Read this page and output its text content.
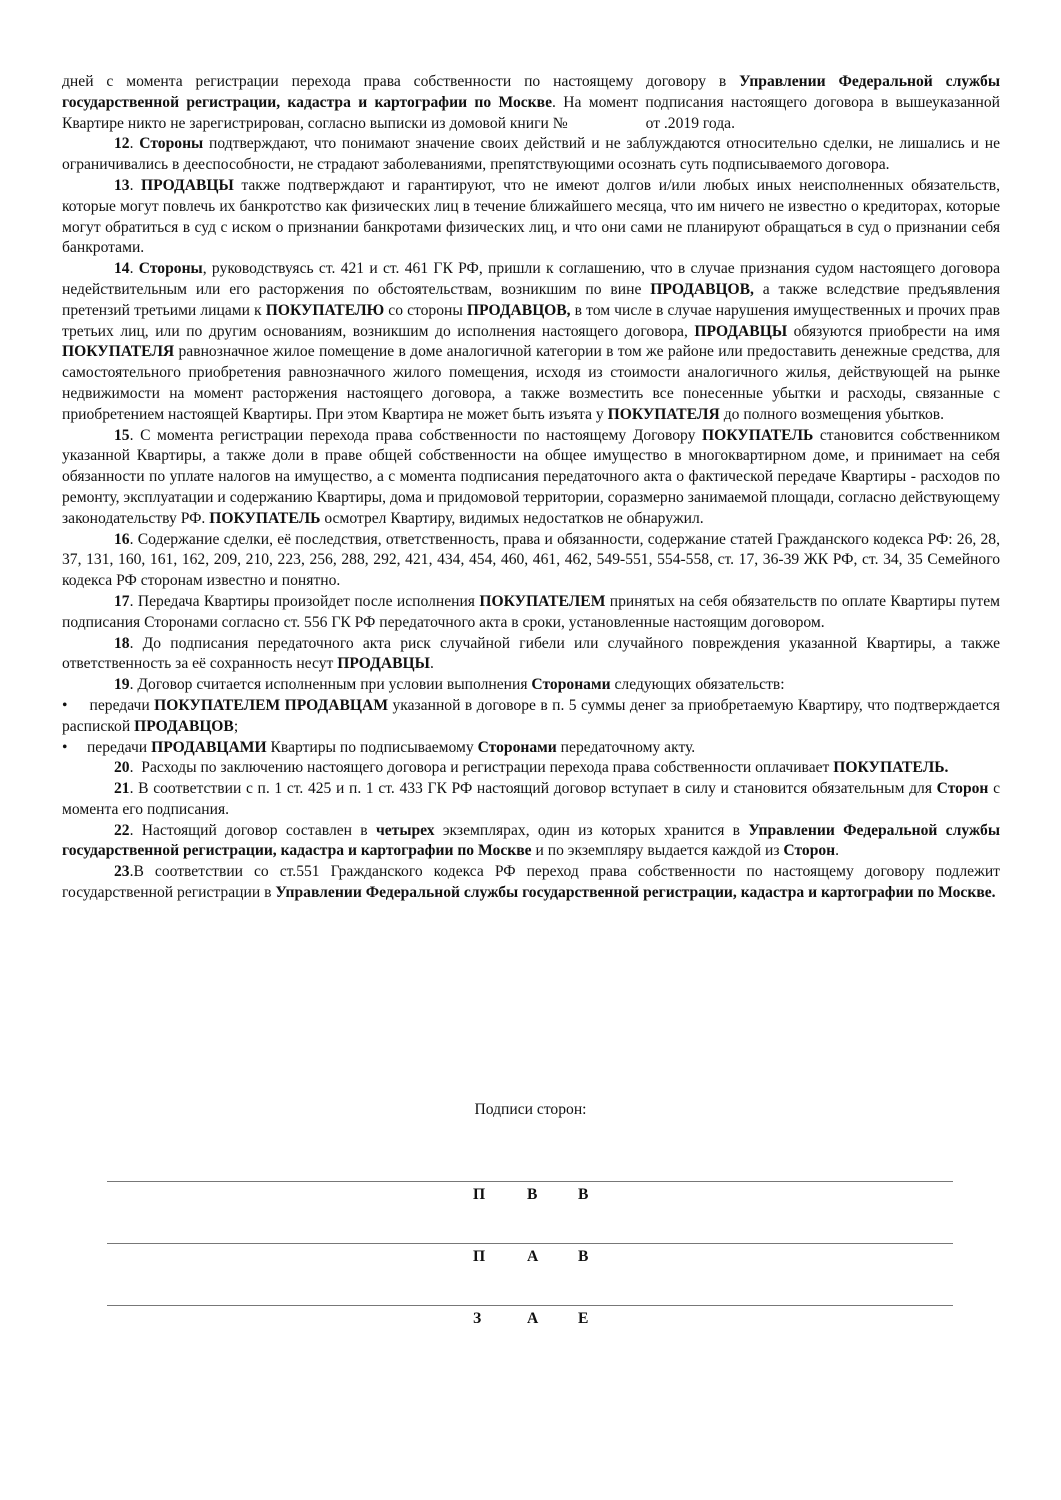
дней с момента регистрации перехода права собственности по настоящему договору в Управлении Федеральной службы государственной регистрации, кадастра и картографии по Москве. На момент подписания настоящего договора в вышеуказанной Квартире никто не зарегистрирован, согласно выписки из домовой книги №                    от .2019 года.

12. Стороны подтверждают, что понимают значение своих действий и не заблуждаются относительно сделки, не лишались и не ограничивались в дееспособности, не страдают заболеваниями, препятствующими осознать суть подписываемого договора.

13. ПРОДАВЦЫ также подтверждают и гарантируют, что не имеют долгов и/или любых иных неисполненных обязательств, которые могут повлечь их банкротство как физических лиц в течение ближайшего месяца, что им ничего не известно о кредиторах, которые могут обратиться в суд с иском о признании банкротами физических лиц, и что они сами не планируют обращаться в суд о признании себя банкротами.

14. Стороны, руководствуясь ст. 421 и ст. 461 ГК РФ, пришли к соглашению, что в случае признания судом настоящего договора недействительным или его расторжения по обстоятельствам, возникшим по вине ПРОДАВЦОВ, а также вследствие предъявления претензий третьими лицами к ПОКУПАТЕЛЮ со стороны ПРОДАВЦОВ, в том числе в случае нарушения имущественных и прочих прав третьих лиц, или по другим основаниям, возникшим до исполнения настоящего договора, ПРОДАВЦЫ обязуются приобрести на имя ПОКУПАТЕЛЯ равнозначное жилое помещение в доме аналогичной категории в том же районе или предоставить денежные средства, для самостоятельного приобретения равнозначного жилого помещения, исходя из стоимости аналогичного жилья, действующей на рынке недвижимости на момент расторжения настоящего договора, а также возместить все понесенные убытки и расходы, связанные с приобретением настоящей Квартиры. При этом Квартира не может быть изъята у ПОКУПАТЕЛЯ до полного возмещения убытков.

15. С момента регистрации перехода права собственности по настоящему Договору ПОКУПАТЕЛЬ становится собственником указанной Квартиры, а также доли в праве общей собственности на общее имущество в многоквартирном доме, и принимает на себя обязанности по уплате налогов на имущество, а с момента подписания передаточного акта о фактической передаче Квартиры - расходов по ремонту, эксплуатации и содержанию Квартиры, дома и придомовой территории, соразмерно занимаемой площади, согласно действующему законодательству РФ. ПОКУПАТЕЛЬ осмотрел Квартиру, видимых недостатков не обнаружил.

16. Содержание сделки, её последствия, ответственность, права и обязанности, содержание статей Гражданского кодекса РФ: 26, 28, 37, 131, 160, 161, 162, 209, 210, 223, 256, 288, 292, 421, 434, 454, 460, 461, 462, 549-551, 554-558, ст. 17, 36-39 ЖК РФ, ст. 34, 35 Семейного кодекса РФ сторонам известно и понятно.

17. Передача Квартиры произойдет после исполнения ПОКУПАТЕЛЕМ принятых на себя обязательств по оплате Квартиры путем подписания Сторонами согласно ст. 556 ГК РФ передаточного акта в сроки, установленные настоящим договором.

18. До подписания передаточного акта риск случайной гибели или случайного повреждения указанной Квартиры, а также ответственность за её сохранность несут ПРОДАВЦЫ.

19. Договор считается исполненным при условии выполнения Сторонами следующих обязательств:

•     передачи ПОКУПАТЕЛЕМ ПРОДАВЦАМ указанной в договоре в п. 5 суммы денег за приобретаемую Квартиру, что подтверждается распиской ПРОДАВЦОВ;

•     передачи ПРОДАВЦАМИ Квартиры по подписываемому Сторонами передаточному акту.

20.  Расходы по заключению настоящего договора и регистрации перехода права собственности оплачивает ПОКУПАТЕЛЬ.

21. В соответствии с п. 1 ст. 425 и п. 1 ст. 433 ГК РФ настоящий договор вступает в силу и становится обязательным для Сторон с момента его подписания.

22. Настоящий договор составлен в четырех экземплярах, один из которых хранится в Управлении Федеральной службы государственной регистрации, кадастра и картографии по Москве и по экземпляру выдается каждой из Сторон.

23.В соответствии со ст.551 Гражданского кодекса РФ переход права собственности по настоящему договору подлежит государственной регистрации в Управлении Федеральной службы государственной регистрации, кадастра и картографии по Москве.

Подписи сторон:
П	В	В
П	А	В
З	А	Е
